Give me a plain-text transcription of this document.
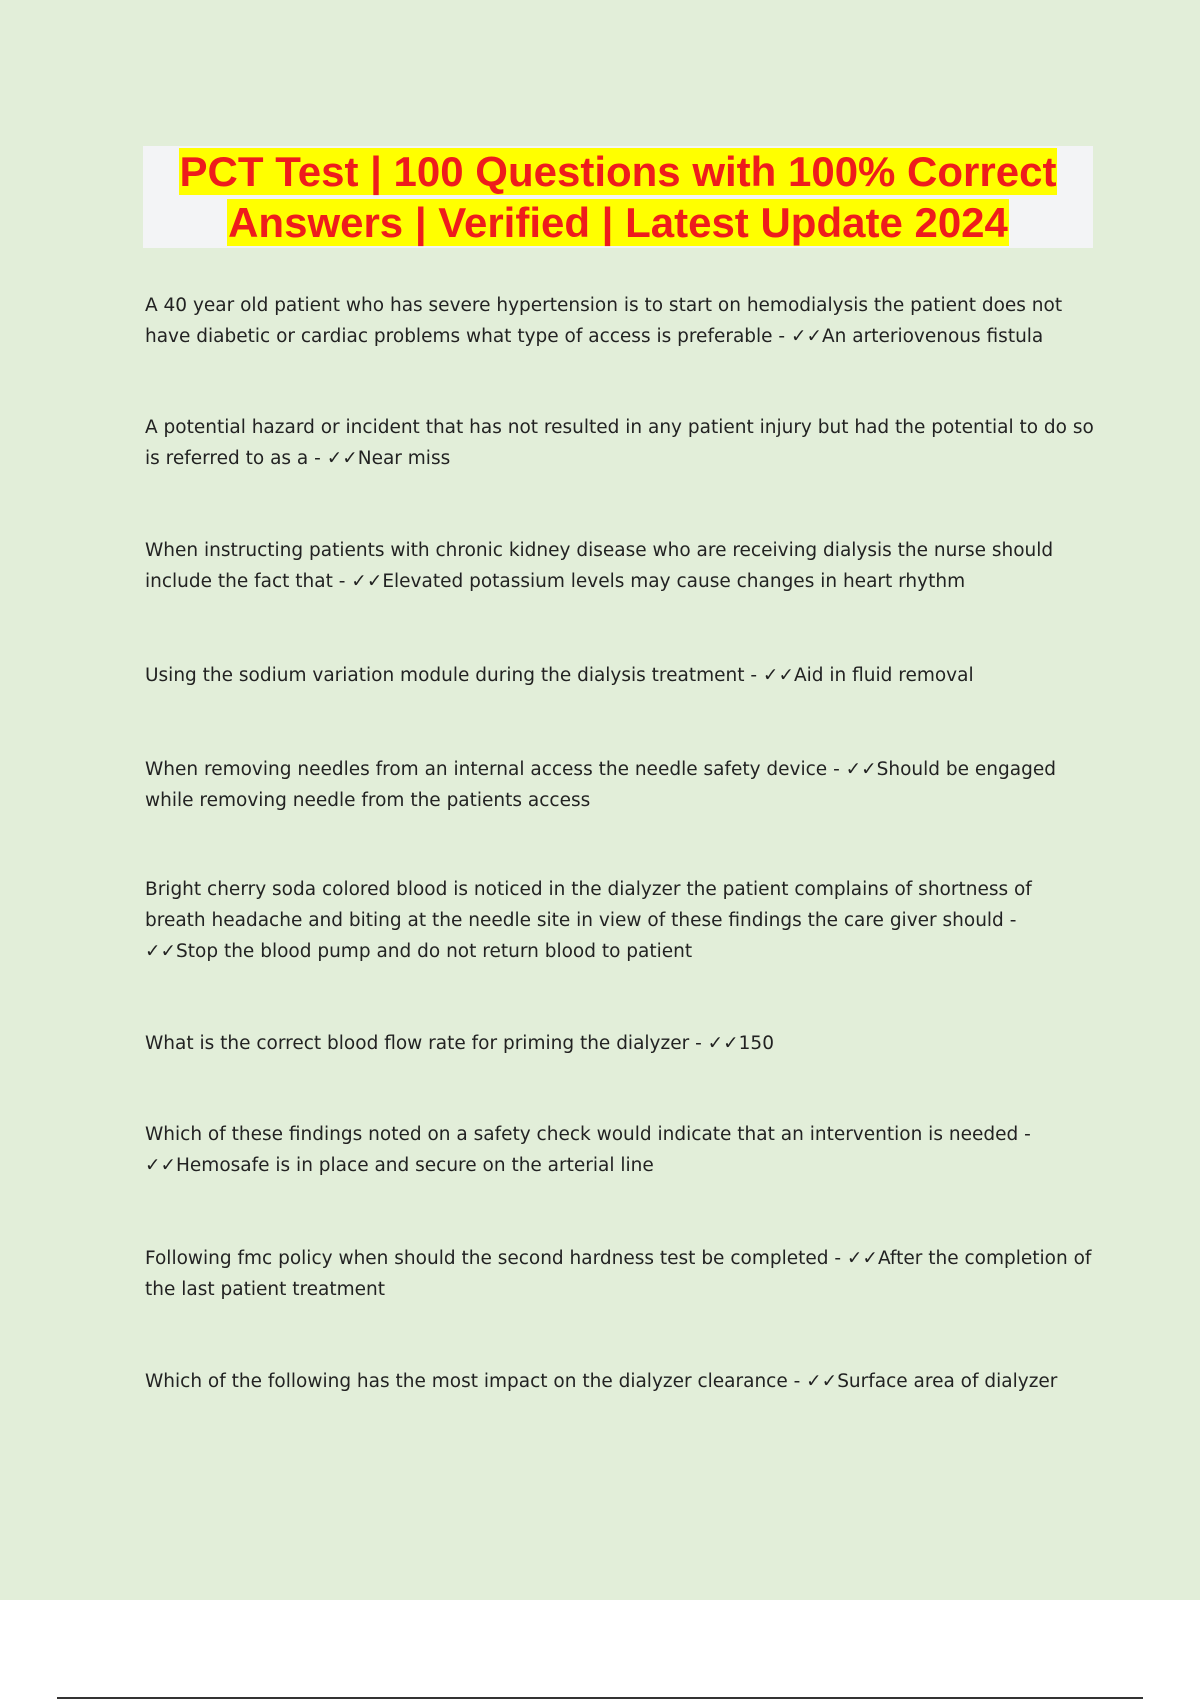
PCT Test | 100 Questions with 100% Correct
Answers | Verified | Latest Update 2024
A 40 year old patient who has severe hypertension is to start on hemodialysis the patient does not have diabetic or cardiac problems what type of access is preferable - ✓✓An arteriovenous fistula
A potential hazard or incident that has not resulted in any patient injury but had the potential to do so is referred to as a - ✓✓Near miss
When instructing patients with chronic kidney disease who are receiving dialysis the nurse should include the fact that - ✓✓Elevated potassium levels may cause changes in heart rhythm
Using the sodium variation module during the dialysis treatment - ✓✓Aid in fluid removal
When removing needles from an internal access the needle safety device - ✓✓Should be engaged while removing needle from the patients access
Bright cherry soda colored blood is noticed in the dialyzer the patient complains of shortness of breath headache and biting at the needle site in view of these findings the care giver should - ✓✓Stop the blood pump and do not return blood to patient
What is the correct blood flow rate for priming the dialyzer - ✓✓150
Which of these findings noted on a safety check would indicate that an intervention is needed - ✓✓Hemosafe is in place and secure on the arterial line
Following fmc policy when should the second hardness test be completed - ✓✓After the completion of the last patient treatment
Which of the following has the most impact on the dialyzer clearance - ✓✓Surface area of dialyzer
